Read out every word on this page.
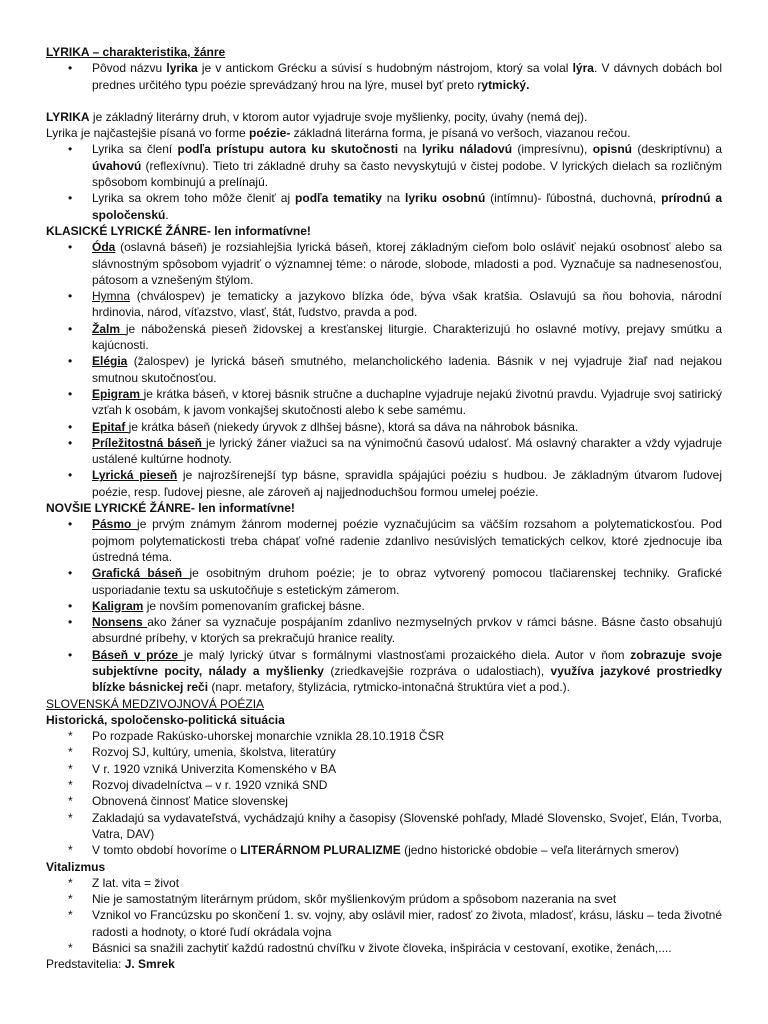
LYRIKA – charakteristika, žánre

• Pôvod názvu lyrika je v antickom Grécku a súvisí s hudobným nástrojom, ktorý sa volal lýra. V dávnych dobách bol prednes určitého typu poézie sprevádzaný hrou na lýre, musel byť preto rytmický.

LYRIKA je základný literárny druh, v ktorom autor vyjadruje svoje myšlienky, pocity, úvahy (nemá dej).

Lyrika je najčastejšie písaná vo forme poézie- základná literárna forma, je písaná vo veršoch, viazanou rečou.

• Lyrika sa člení podľa prístupu autora ku skutočnosti na lyriku náladovú (impresívnu), opisnú (deskriptívnu) a úvahovú (reflexívnu). Tieto tri základné druhy sa často nevyskytujú v čistej podobe. V lyrických dielach sa rozličným spôsobom kombinujú a prelínajú.
• Lyrika sa okrem toho môže členiť aj podľa tematiky na lyriku osobnú (intímnu)- ľúbostná, duchovná, prírodnú a spoločenskú.

KLASICKÉ LYRICKÉ ŽÁNRE- len informatívne!

• Óda (oslavná báseň) je rozsiahlejšia lyrická báseň, ktorej základným cieľom bolo osláviť nejakú osobnosť alebo sa slávnostným spôsobom vyjadriť o významnej téme: o národe, slobode, mladosti a pod. Vyznačuje sa nadnesenosťou, pátosom a vznešeným štýlom.
• Hymna (chválospev) je tematicky a jazykovo blízka óde, býva však kratšia. Oslavujú sa ňou bohovia, národní hrdinovia, národ, víťazstvo, vlasť, štát, ľudstvo, pravda a pod.
• Žalm je náboženská pieseň židovskej a kresťanskej liturgie. Charakterizujú ho oslavné motívy, prejavy smútku a kajúcnosti.
• Elégia (žalospev) je lyrická báseň smutného, melancholického ladenia. Básnik v nej vyjadruje žiaľ nad nejakou smutnou skutočnosťou.
• Epigram je krátka báseň, v ktorej básnik stručne a duchaplne vyjadruje nejakú životnú pravdu. Vyjadruje svoj satirický vzťah k osobám, k javom vonkajšej skutočnosti alebo k sebe samému.
• Epitaf je krátka báseň (niekedy úryvok z dlhšej básne), ktorá sa dáva na náhrobok básnika.
• Príležitostná báseň je lyrický žáner viažuci sa na výnimočnú časovú udalosť. Má oslavný charakter a vždy vyjadruje ustálené kultúrne hodnoty.
• Lyrická pieseň je najrozšírenejší typ básne, spravidla spájajúci poéziu s hudbou. Je základným útvarom ľudovej poézie, resp. ľudovej piesne, ale zároveň aj najjednoduchšou formou umelej poézie.

NOVŠIE LYRICKÉ ŽÁNRE- len informatívne!

• Pásmo je prvým známym žánrom modernej poézie vyznačujúcim sa väčším rozsahom a polytematickosťou. Pod pojmom polytematickosti treba chápať voľné radenie zdanlivo nesúvislých tematických celkov, ktoré zjednocuje iba ústredná téma.
• Grafická báseň je osobitným druhom poézie; je to obraz vytvorený pomocou tlačiarenskej techniky. Grafické usporiadanie textu sa uskutočňuje s estetickým zámerom.
• Kaligram je novším pomenovaním grafickej básne.
• Nonsens ako žáner sa vyznačuje pospájaním zdanlivo nezmyselných prvkov v rámci básne. Básne často obsahujú absurdné príbehy, v ktorých sa prekračujú hranice reality.
• Báseň v próze je malý lyrický útvar s formálnymi vlastnosťami prozaického diela. Autor v ňom zobrazuje svoje subjektívne pocity, nálady a myšlienky (zriedkavejšie rozpráva o udalostiach), využíva jazykové prostriedky blízke básnickej reči (napr. metafory, štylizácia, rytmicko-intonačná štruktúra viet a pod.).

SLOVENSKÁ MEDZIVOJNOVÁ POÉZIA

Historická, spoločensko-politická situácia

* Po rozpade Rakúsko-uhorskej monarchie vznikla 28.10.1918 ČSR
* Rozvoj SJ, kultúry, umenia, školstva, literatúry
* V r. 1920 vzniká Univerzita Komenského v BA
* Rozvoj divadelníctva – v r. 1920 vzniká SND
* Obnovená činnosť Matice slovenskej
* Zakladajú sa vydavateľstvá, vychádzajú knihy a časopisy (Slovenské pohľady, Mladé Slovensko, Svojeť, Elán, Tvorba, Vatra, DAV)
* V tomto období hovoríme o LITERÁRNOM PLURALIZME (jedno historické obdobie – veľa literárnych smerov)

Vitalizmus

* Z lat. vita = život
* Nie je samostatným literárnym prúdom, skôr myšlienkovým prúdom a spôsobom nazerania na svet
* Vznikol vo Francúzsku po skončení 1. sv. vojny, aby oslávil mier, radosť zo života, mladosť, krásu, lásku – teda životné radosti a hodnoty, o ktoré ľudí okrádala vojna
* Básnici sa snažili zachytiť každú radostnú chvíľku v živote človeka, inšpirácia v cestovaní, exotike, ženách,....

Predstavitelia: J. Smrek
